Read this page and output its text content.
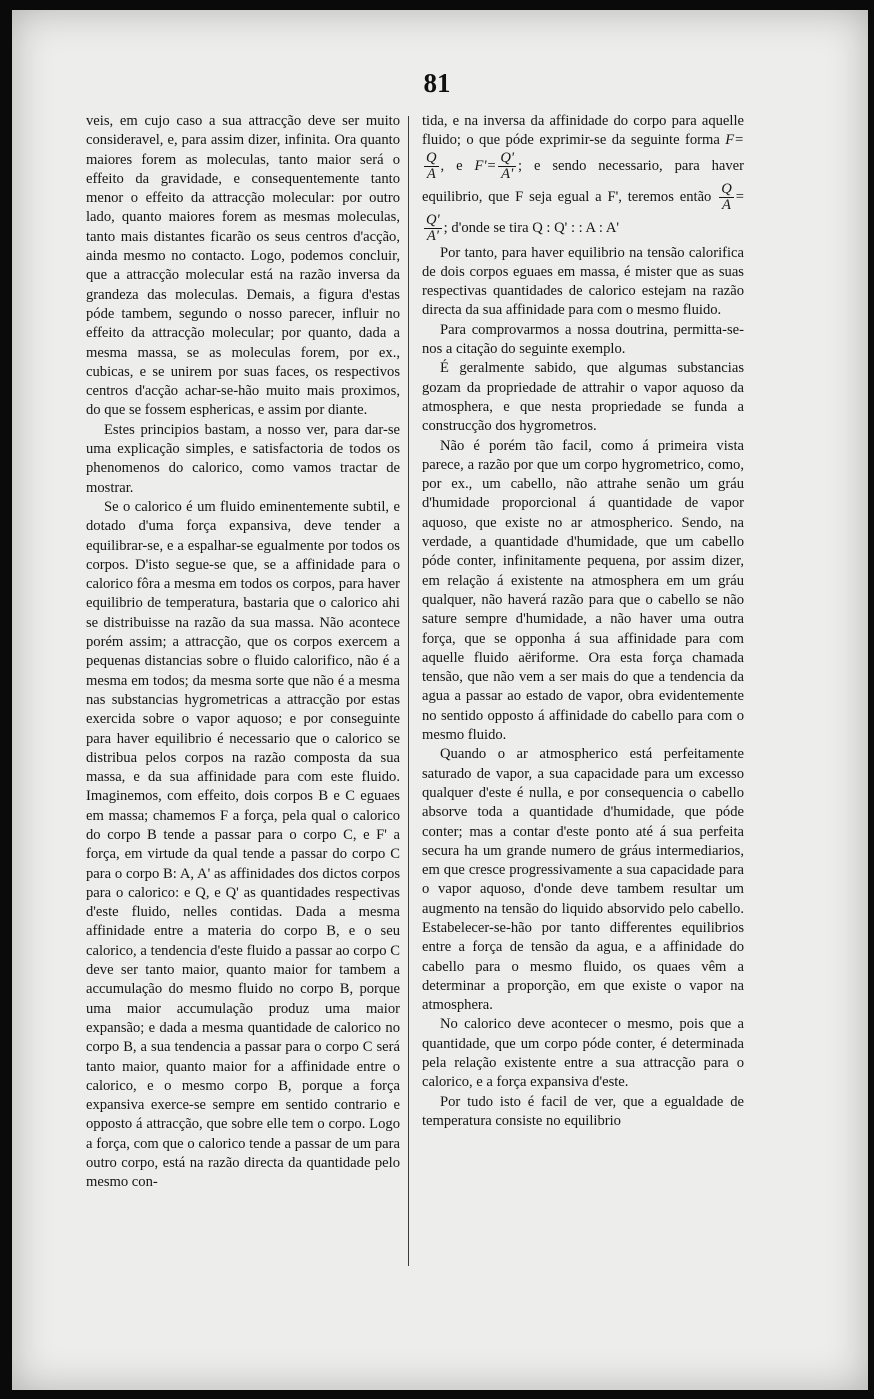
81

veis, em cujo caso a sua attracção deve ser muito consideravel, e, para assim dizer, infinita. Ora quanto maiores forem as moleculas, tanto maior será o effeito da gravidade, e consequentemente tanto menor o effeito da attracção molecular: por outro lado, quanto maiores forem as mesmas moleculas, tanto mais distantes ficarão os seus centros d'acção, ainda mesmo no contacto. Logo, podemos concluir, que a attracção molecular está na razão inversa da grandeza das moleculas. Demais, a figura d'estas póde tambem, segundo o nosso parecer, influir no effeito da attracção molecular; por quanto, dada a mesma massa, se as moleculas forem, por ex., cubicas, e se unirem por suas faces, os respectivos centros d'acção achar-se-hão muito mais proximos, do que se fossem esphericas, e assim por diante.

Estes principios bastam, a nosso ver, para dar-se uma explicação simples, e satisfactoria de todos os phenomenos do calorico, como vamos tractar de mostrar.

Se o calorico é um fluido eminentemente subtil, e dotado d'uma força expansiva, deve tender a equilibrar-se, e a espalhar-se egualmente por todos os corpos. D'isto segue-se que, se a affinidade para o calorico fôra a mesma em todos os corpos, para haver equilibrio de temperatura, bastaria que o calorico ahi se distribuisse na razão da sua massa. Não acontece porém assim; a attracção, que os corpos exercem a pequenas distancias sobre o fluido calorifico, não é a mesma em todos; da mesma sorte que não é a mesma nas substancias hygrometricas a attracção por estas exercida sobre o vapor aquoso; e por conseguinte para haver equilibrio é necessario que o calorico se distribua pelos corpos na razão composta da sua massa, e da sua affinidade para com este fluido. Imaginemos, com effeito, dois corpos B e C eguaes em massa; chamemos F a força, pela qual o calorico do corpo B tende a passar para o corpo C, e F' a força, em virtude da qual tende a passar do corpo C para o corpo B: A, A' as affinidades dos dictos corpos para o calorico: e Q, e Q' as quantidades respectivas d'este fluido, nelles contidas. Dada a mesma affinidade entre a materia do corpo B, e o seu calorico, a tendencia d'este fluido a passar ao corpo C deve ser tanto maior, quanto maior for tambem a accumulação do mesmo fluido no corpo B, porque uma maior accumulação produz uma maior expansão; e dada a mesma quantidade de calorico no corpo B, a sua tendencia a passar para o corpo C será tanto maior, quanto maior for a affinidade entre o calorico, e o mesmo corpo B, porque a força expansiva exerce-se sempre em sentido contrario e opposto á attracção, que sobre elle tem o corpo. Logo a força, com que o calorico tende a passar de um para outro corpo, está na razão directa da quantidade pelo mesmo con-

tida, e na inversa da affinidade do corpo para aquelle fluido; o que póde exprimir-se da seguinte forma F=
$\frac{Q}{A}$ , e $F'= \frac{Q'}{A'}$ ; e sendo necessario, para haver equilibrio, que F seja egual a F', teremos então $\frac{Q}{A}$ =
$\frac{Q'}{A'}$ ; d'onde se tira Q : Q' : : A : A'

Por tanto, para haver equilibrio na tensão calorifica de dois corpos eguaes em massa, é mister que as suas respectivas quantidades de calorico estejam na razão directa da sua affinidade para com o mesmo fluido.

Para comprovarmos a nossa doutrina, permitta-se-nos a citação do seguinte exemplo.

É geralmente sabido, que algumas substancias gozam da propriedade de attrahir o vapor aquoso da atmosphera, e que nesta propriedade se funda a construcção dos hygrometros.

Não é porém tão facil, como á primeira vista parece, a razão por que um corpo hygrometrico, como, por ex., um cabello, não attrahe senão um gráu d'humidade proporcional á quantidade de vapor aquoso, que existe no ar atmospherico. Sendo, na verdade, a quantidade d'humidade, que um cabello póde conter, infinitamente pequena, por assim dizer, em relação á existente na atmosphera em um gráu qualquer, não haverá razão para que o cabello se não sature sempre d'humidade, a não haver uma outra força, que se opponha á sua affinidade para com aquelle fluido aëriforme. Ora esta força chamada tensão, que não vem a ser mais do que a tendencia da agua a passar ao estado de vapor, obra evidentemente no sentido opposto á affinidade do cabello para com o mesmo fluido.

Quando o ar atmospherico está perfeitamente saturado de vapor, a sua capacidade para um excesso qualquer d'este é nulla, e por consequencia o cabello absorve toda a quantidade d'humidade, que póde conter; mas a contar d'este ponto até á sua perfeita secura ha um grande numero de gráus intermediarios, em que cresce progressivamente a sua capacidade para o vapor aquoso, d'onde deve tambem resultar um augmento na tensão do liquido absorvido pelo cabello. Estabelecer-se-hão por tanto differentes equilibrios entre a força de tensão da agua, e a affinidade do cabello para o mesmo fluido, os quaes vêm a determinar a proporção, em que existe o vapor na atmosphera.

No calorico deve acontecer o mesmo, pois que a quantidade, que um corpo póde conter, é determinada pela relação existente entre a sua attracção para o calorico, e a força expansiva d'este.

Por tudo isto é facil de ver, que a egualdade de temperatura consiste no equilibrio
